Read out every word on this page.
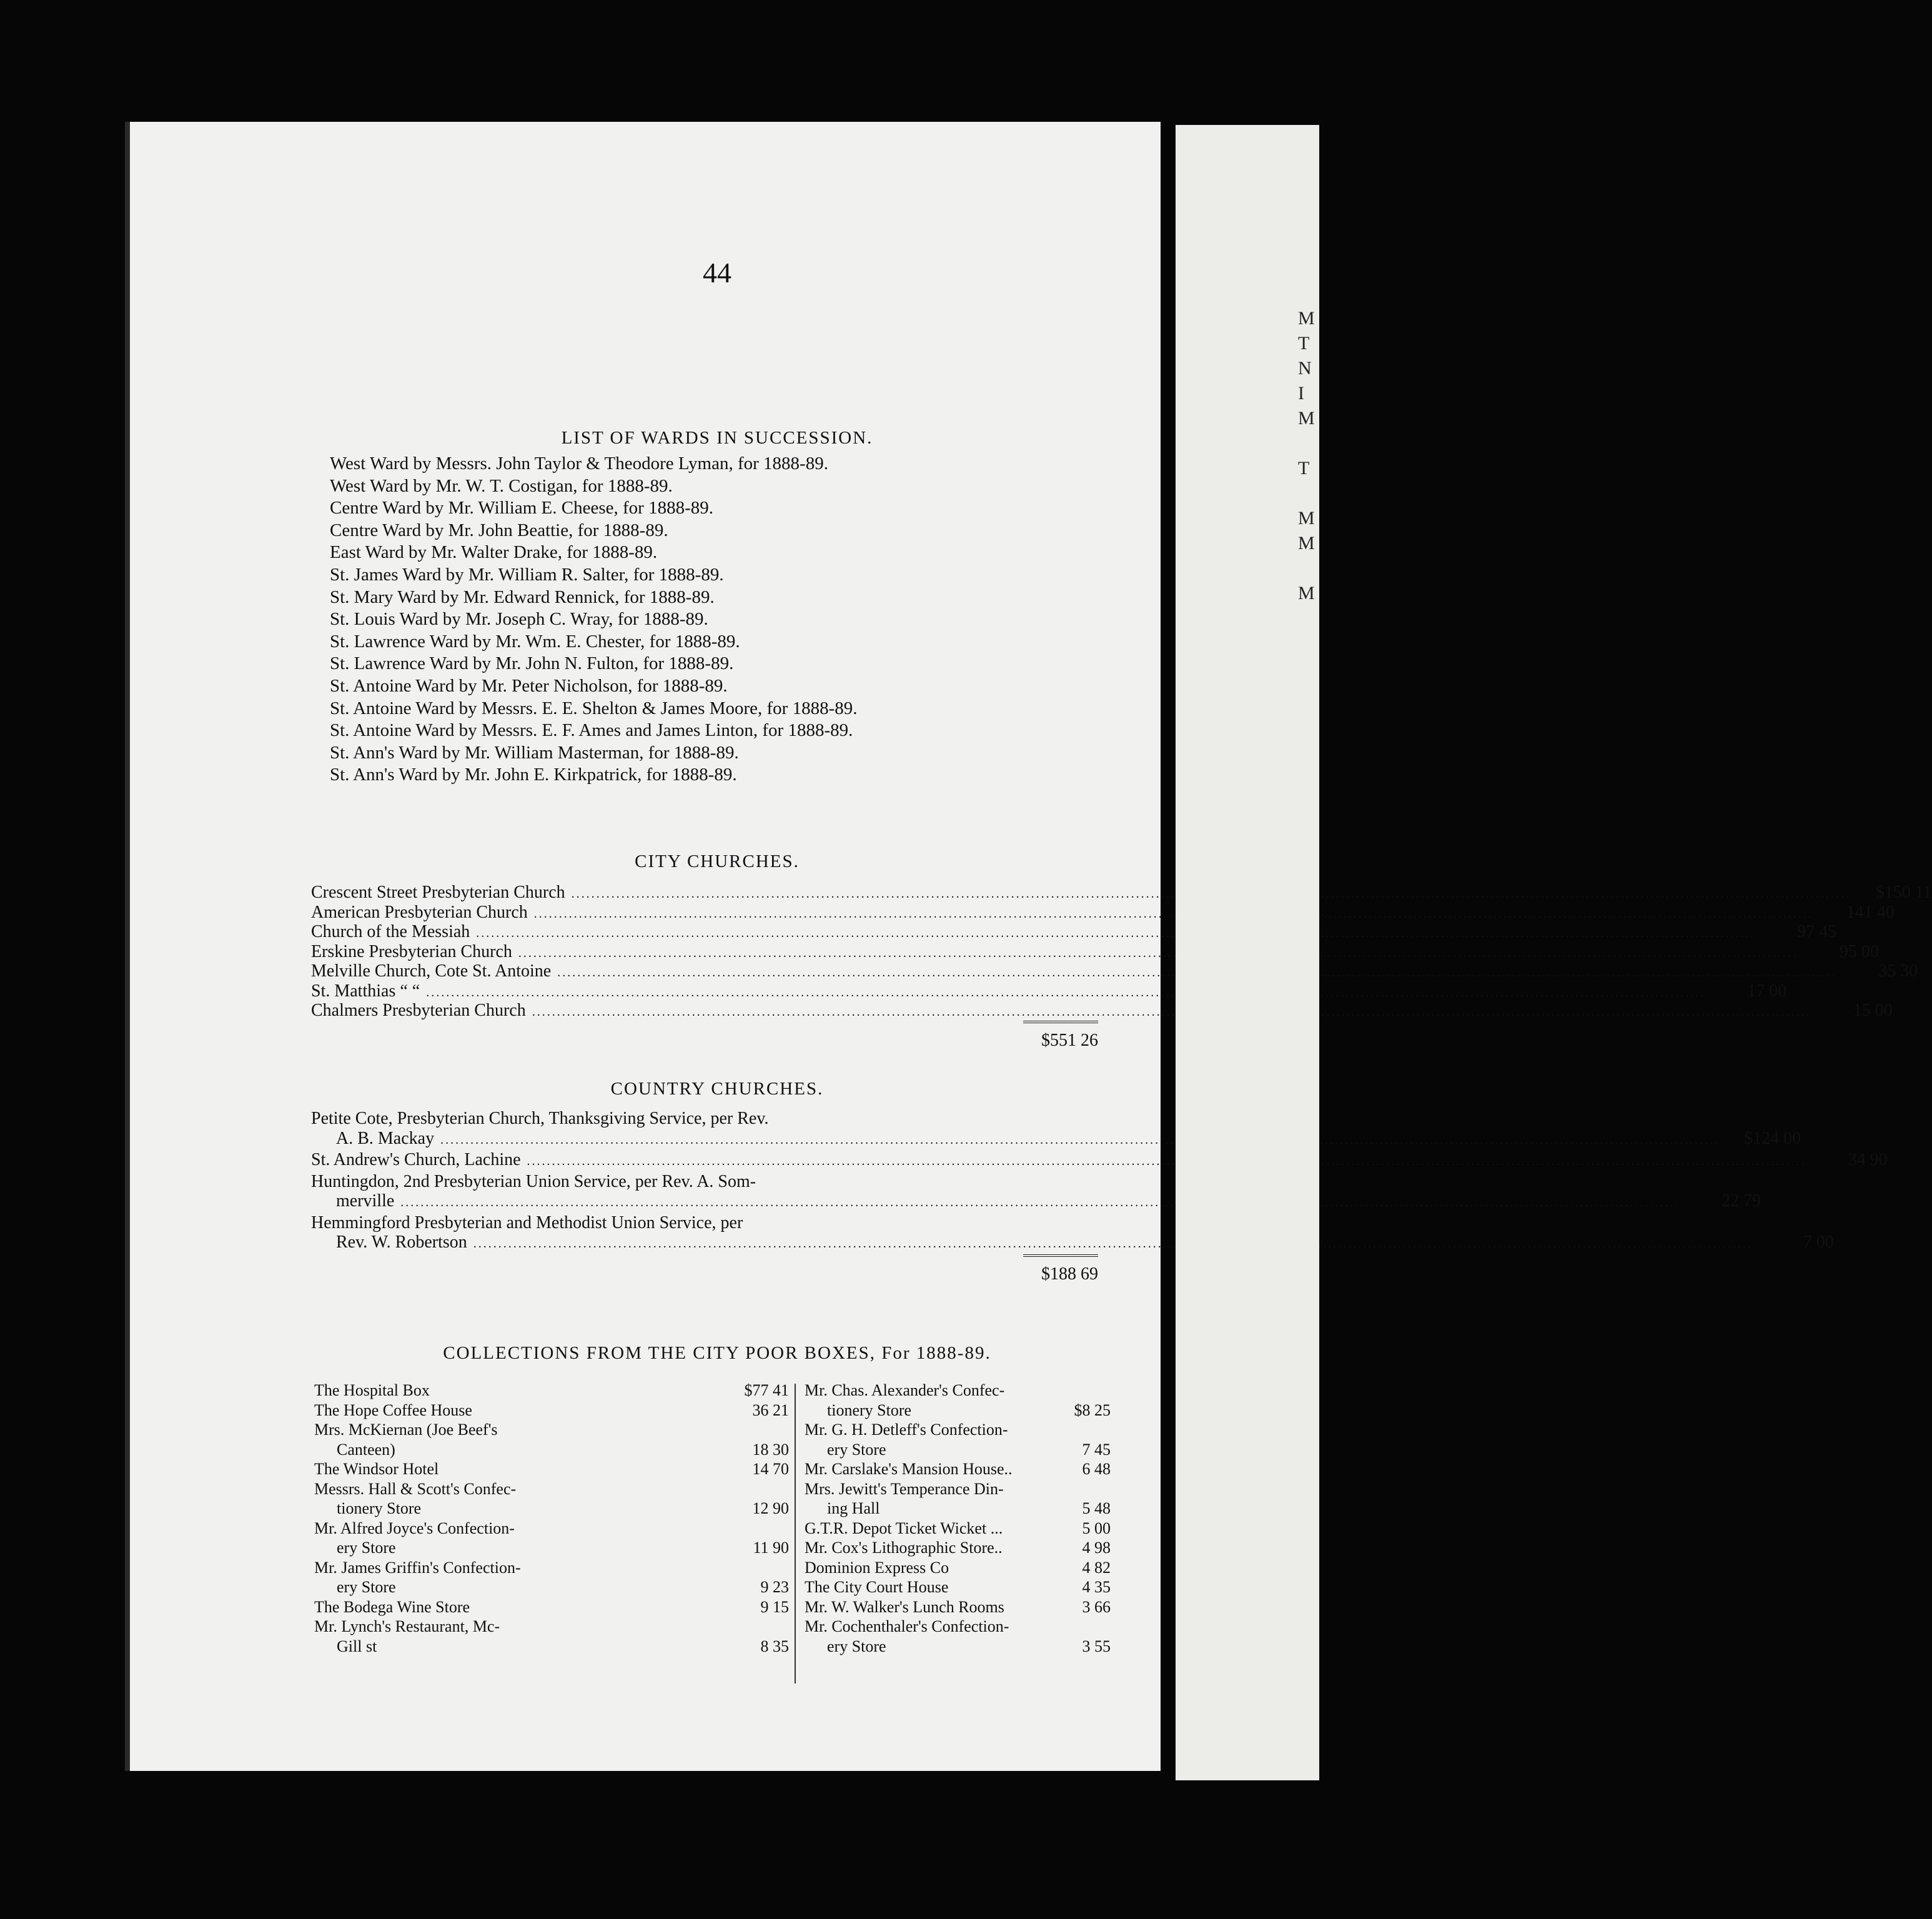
44
LIST OF WARDS IN SUCCESSION.
West Ward by Messrs. John Taylor & Theodore Lyman, for 1888-89.
West Ward by Mr. W. T. Costigan, for 1888-89.
Centre Ward by Mr. William E. Cheese, for 1888-89.
Centre Ward by Mr. John Beattie, for 1888-89.
East Ward by Mr. Walter Drake, for 1888-89.
St. James Ward by Mr. William R. Salter, for 1888-89.
St. Mary Ward by Mr. Edward Rennick, for 1888-89.
St. Louis Ward by Mr. Joseph C. Wray, for 1888-89.
St. Lawrence Ward by Mr. Wm. E. Chester, for 1888-89.
St. Lawrence Ward by Mr. John N. Fulton, for 1888-89.
St. Antoine Ward by Mr. Peter Nicholson, for 1888-89.
St. Antoine Ward by Messrs. E. E. Shelton & James Moore, for 1888-89.
St. Antoine Ward by Messrs. E. F. Ames and James Linton, for 1888-89.
St. Ann's Ward by Mr. William Masterman, for 1888-89.
St. Ann's Ward by Mr. John E. Kirkpatrick, for 1888-89.
CITY CHURCHES.
Crescent Street Presbyterian Church .....	$150 11
American Presbyterian Church .....	141 40
Church of the Messiah .....	97 45
Erskine Presbyterian Church .....	95 00
Melville Church, Cote St. Antoine .....	35 30
St. Matthias “ “ .....	17 00
Chalmers Presbyterian Church .....	15 00
$551 26
COUNTRY CHURCHES.
Petite Cote, Presbyterian Church, Thanksgiving Service, per Rev.
A. B. Mackay .....	$124 00
St. Andrew's Church, Lachine .....	34 90
Huntingdon, 2nd Presbyterian Union Service, per Rev. A. Som-
merville .....	22 79
Hemmingford Presbyterian and Methodist Union Service, per
Rev. W. Robertson .....	7 00
$188 69
COLLECTIONS FROM THE CITY POOR BOXES, For 1888-89.
The Hospital Box	$77 41
The Hope Coffee House	36 21
Mrs. McKiernan (Joe Beef's
Canteen)	18 30
The Windsor Hotel	14 70
Messrs. Hall & Scott's Confec-
tionery Store	12 90
Mr. Alfred Joyce's Confection-
ery Store	11 90
Mr. James Griffin's Confection-
ery Store	9 23
The Bodega Wine Store	9 15
Mr. Lynch's Restaurant, Mc-
Gill st	8 35
Mr. Chas. Alexander's Confec-
tionery Store	$8 25
Mr. G. H. Detleff's Confection-
ery Store	7 45
Mr. Carslake's Mansion House..	6 48
Mrs. Jewitt's Temperance Din-
ing Hall	5 48
G.T.R. Depot Ticket Wicket ...	5 00
Mr. Cox's Lithographic Store..	4 98
Dominion Express Co	4 82
The City Court House	4 35
Mr. W. Walker's Lunch Rooms	3 66
Mr. Cochenthaler's Confection-
ery Store	3 55
M
T
N
I
M

T

M
M

M
